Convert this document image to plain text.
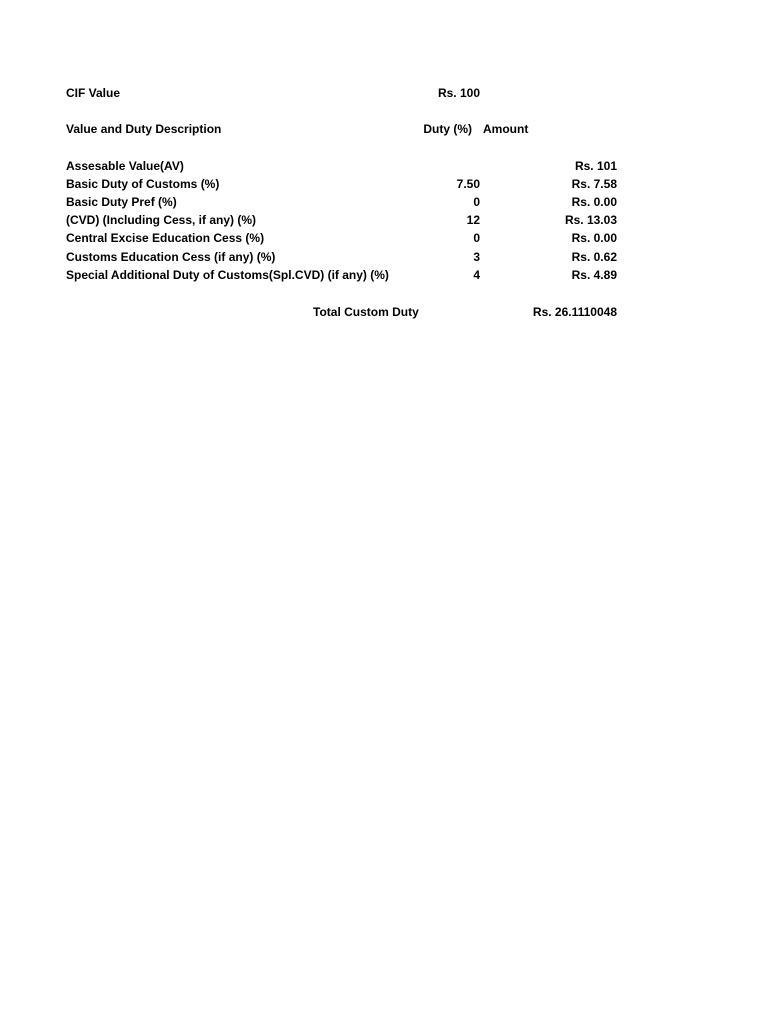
CIF Value	Rs. 100
Value and Duty Description	Duty (%) Amount
Assesable Value(AV)	Rs. 101
Basic Duty of Customs (%)	7.50	Rs. 7.58
Basic Duty Pref (%)	0	Rs. 0.00
(CVD) (Including Cess, if any) (%)	12	Rs. 13.03
Central Excise Education Cess (%)	0	Rs. 0.00
Customs Education Cess (if any) (%)	3	Rs. 0.62
Special Additional Duty of Customs(Spl.CVD) (if any) (%)	4	Rs. 4.89
Total Custom Duty	Rs. 26.1110048
